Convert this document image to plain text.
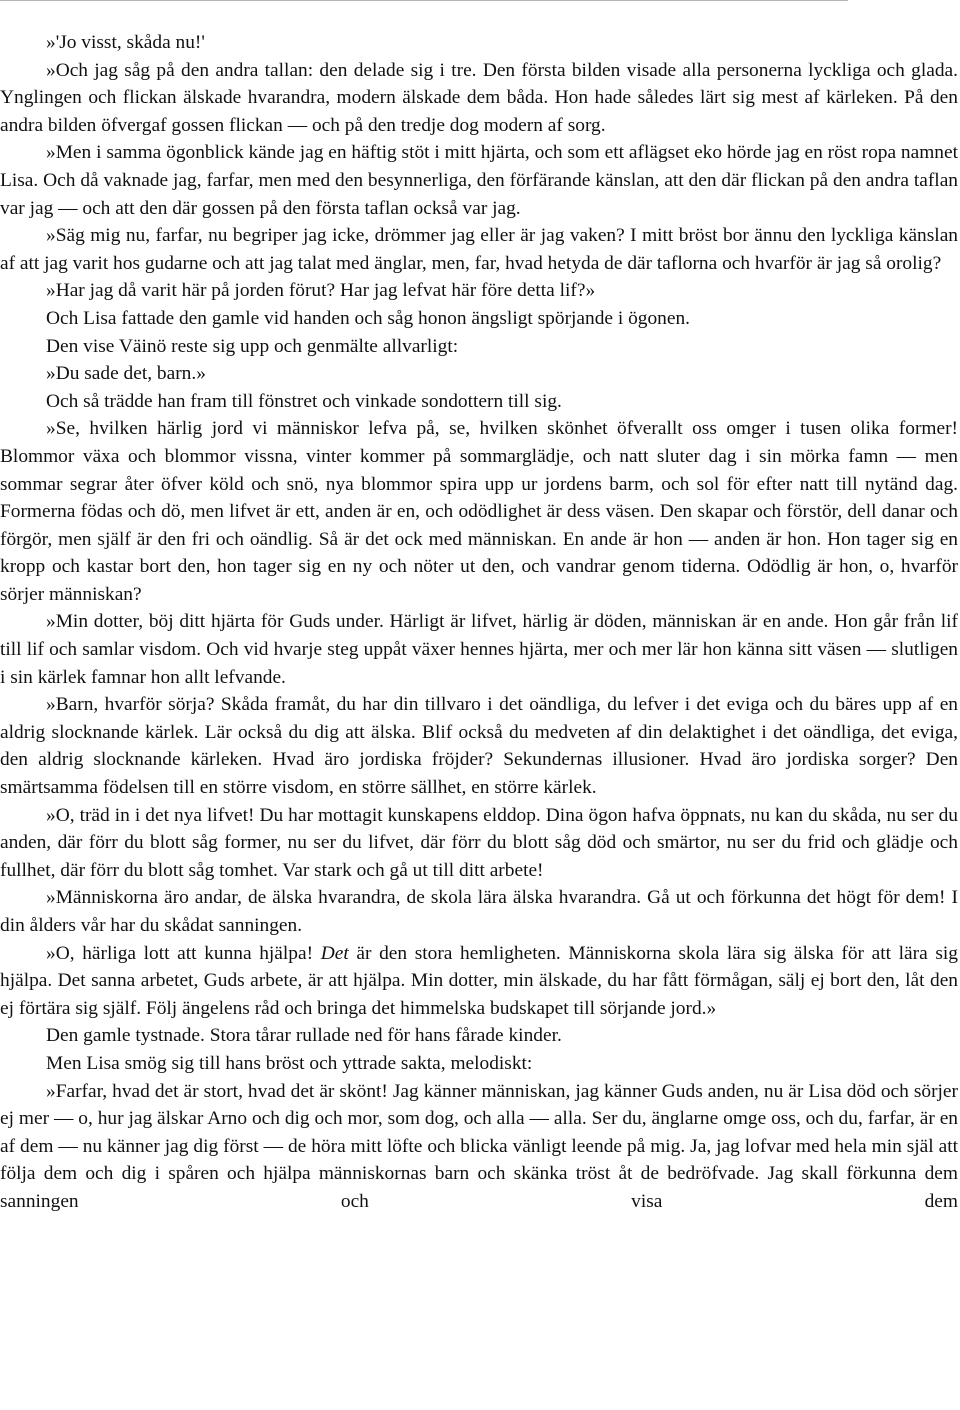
»'Jo visst, skåda nu!'

»Och jag såg på den andra tallan: den delade sig i tre. Den första bilden visade alla personerna lyckliga och glada. Ynglingen och flickan älskade hvarandra, modern älskade dem båda. Hon hade således lärt sig mest af kärleken. På den andra bilden öfvergaf gossen flickan — och på den tredje dog modern af sorg.

»Men i samma ögonblick kände jag en häftig stöt i mitt hjärta, och som ett aflägset eko hörde jag en röst ropa namnet Lisa. Och då vaknade jag, farfar, men med den besynnerliga, den förfärande känslan, att den där flickan på den andra taflan var jag — och att den där gossen på den första taflan också var jag.

»Säg mig nu, farfar, nu begriper jag icke, drömmer jag eller är jag vaken? I mitt bröst bor ännu den lyckliga känslan af att jag varit hos gudarne och att jag talat med änglar, men, far, hvad hetyda de där taflorna och hvarför är jag så orolig?

»Har jag då varit här på jorden förut? Har jag lefvat här före detta lif?»

Och Lisa fattade den gamle vid handen och såg honon ängsligt spörjande i ögonen.

Den vise Väinö reste sig upp och genmälte allvarligt:

»Du sade det, barn.»

Och så trädde han fram till fönstret och vinkade sondottern till sig.

»Se, hvilken härlig jord vi människor lefva på, se, hvilken skönhet öfverallt oss omger i tusen olika former! Blommor växa och blommor vissna, vinter kommer på sommarglädje, och natt sluter dag i sin mörka famn — men sommar segrar åter öfver köld och snö, nya blommor spira upp ur jordens barm, och sol för efter natt till nytänd dag. Formerna födas och dö, men lifvet är ett, anden är en, och odödlighet är dess väsen. Den skapar och förstör, dell danar och förgör, men själf är den fri och oändlig. Så är det ock med människan. En ande är hon — anden är hon. Hon tager sig en kropp och kastar bort den, hon tager sig en ny och nöter ut den, och vandrar genom tiderna. Odödlig är hon, o, hvarför sörjer människan?

»Min dotter, böj ditt hjärta för Guds under. Härligt är lifvet, härlig är döden, människan är en ande. Hon går från lif till lif och samlar visdom. Och vid hvarje steg uppåt växer hennes hjärta, mer och mer lär hon känna sitt väsen — slutligen i sin kärlek famnar hon allt lefvande.

»Barn, hvarför sörja? Skåda framåt, du har din tillvaro i det oändliga, du lefver i det eviga och du bäres upp af en aldrig slocknande kärlek. Lär också du dig att älska. Blif också du medveten af din delaktighet i det oändliga, det eviga, den aldrig slocknande kärleken. Hvad äro jordiska fröjder? Sekundernas illusioner. Hvad äro jordiska sorger? Den smärtsamma födelsen till en större visdom, en större sällhet, en större kärlek.

»O, träd in i det nya lifvet! Du har mottagit kunskapens elddop. Dina ögon hafva öppnats, nu kan du skåda, nu ser du anden, där förr du blott såg former, nu ser du lifvet, där förr du blott såg död och smärtor, nu ser du frid och glädje och fullhet, där förr du blott såg tomhet. Var stark och gå ut till ditt arbete!

»Människorna äro andar, de älska hvarandra, de skola lära älska hvarandra. Gå ut och förkunna det högt för dem! I din ålders vår har du skådat sanningen.

»O, härliga lott att kunna hjälpa! Det är den stora hemligheten. Människorna skola lära sig älska för att lära sig hjälpa. Det sanna arbetet, Guds arbete, är att hjälpa. Min dotter, min älskade, du har fått förmågan, sälj ej bort den, låt den ej förtära sig själf. Följ ängelens råd och bringa det himmelska budskapet till sörjande jord.»

Den gamle tystnade. Stora tårar rullade ned för hans fårade kinder.

Men Lisa smög sig till hans bröst och yttrade sakta, melodiskt:

»Farfar, hvad det är stort, hvad det är skönt! Jag känner människan, jag känner Guds anden, nu är Lisa död och sörjer ej mer — o, hur jag älskar Arno och dig och mor, som dog, och alla — alla. Ser du, änglarne omge oss, och du, farfar, är en af dem — nu känner jag dig först — de höra mitt löfte och blicka vänligt leende på mig. Ja, jag lofvar med hela min själ att följa dem och dig i spåren och hjälpa människornas barn och skänka tröst åt de bedröfvade. Jag skall förkunna dem sanningen och visa dem
